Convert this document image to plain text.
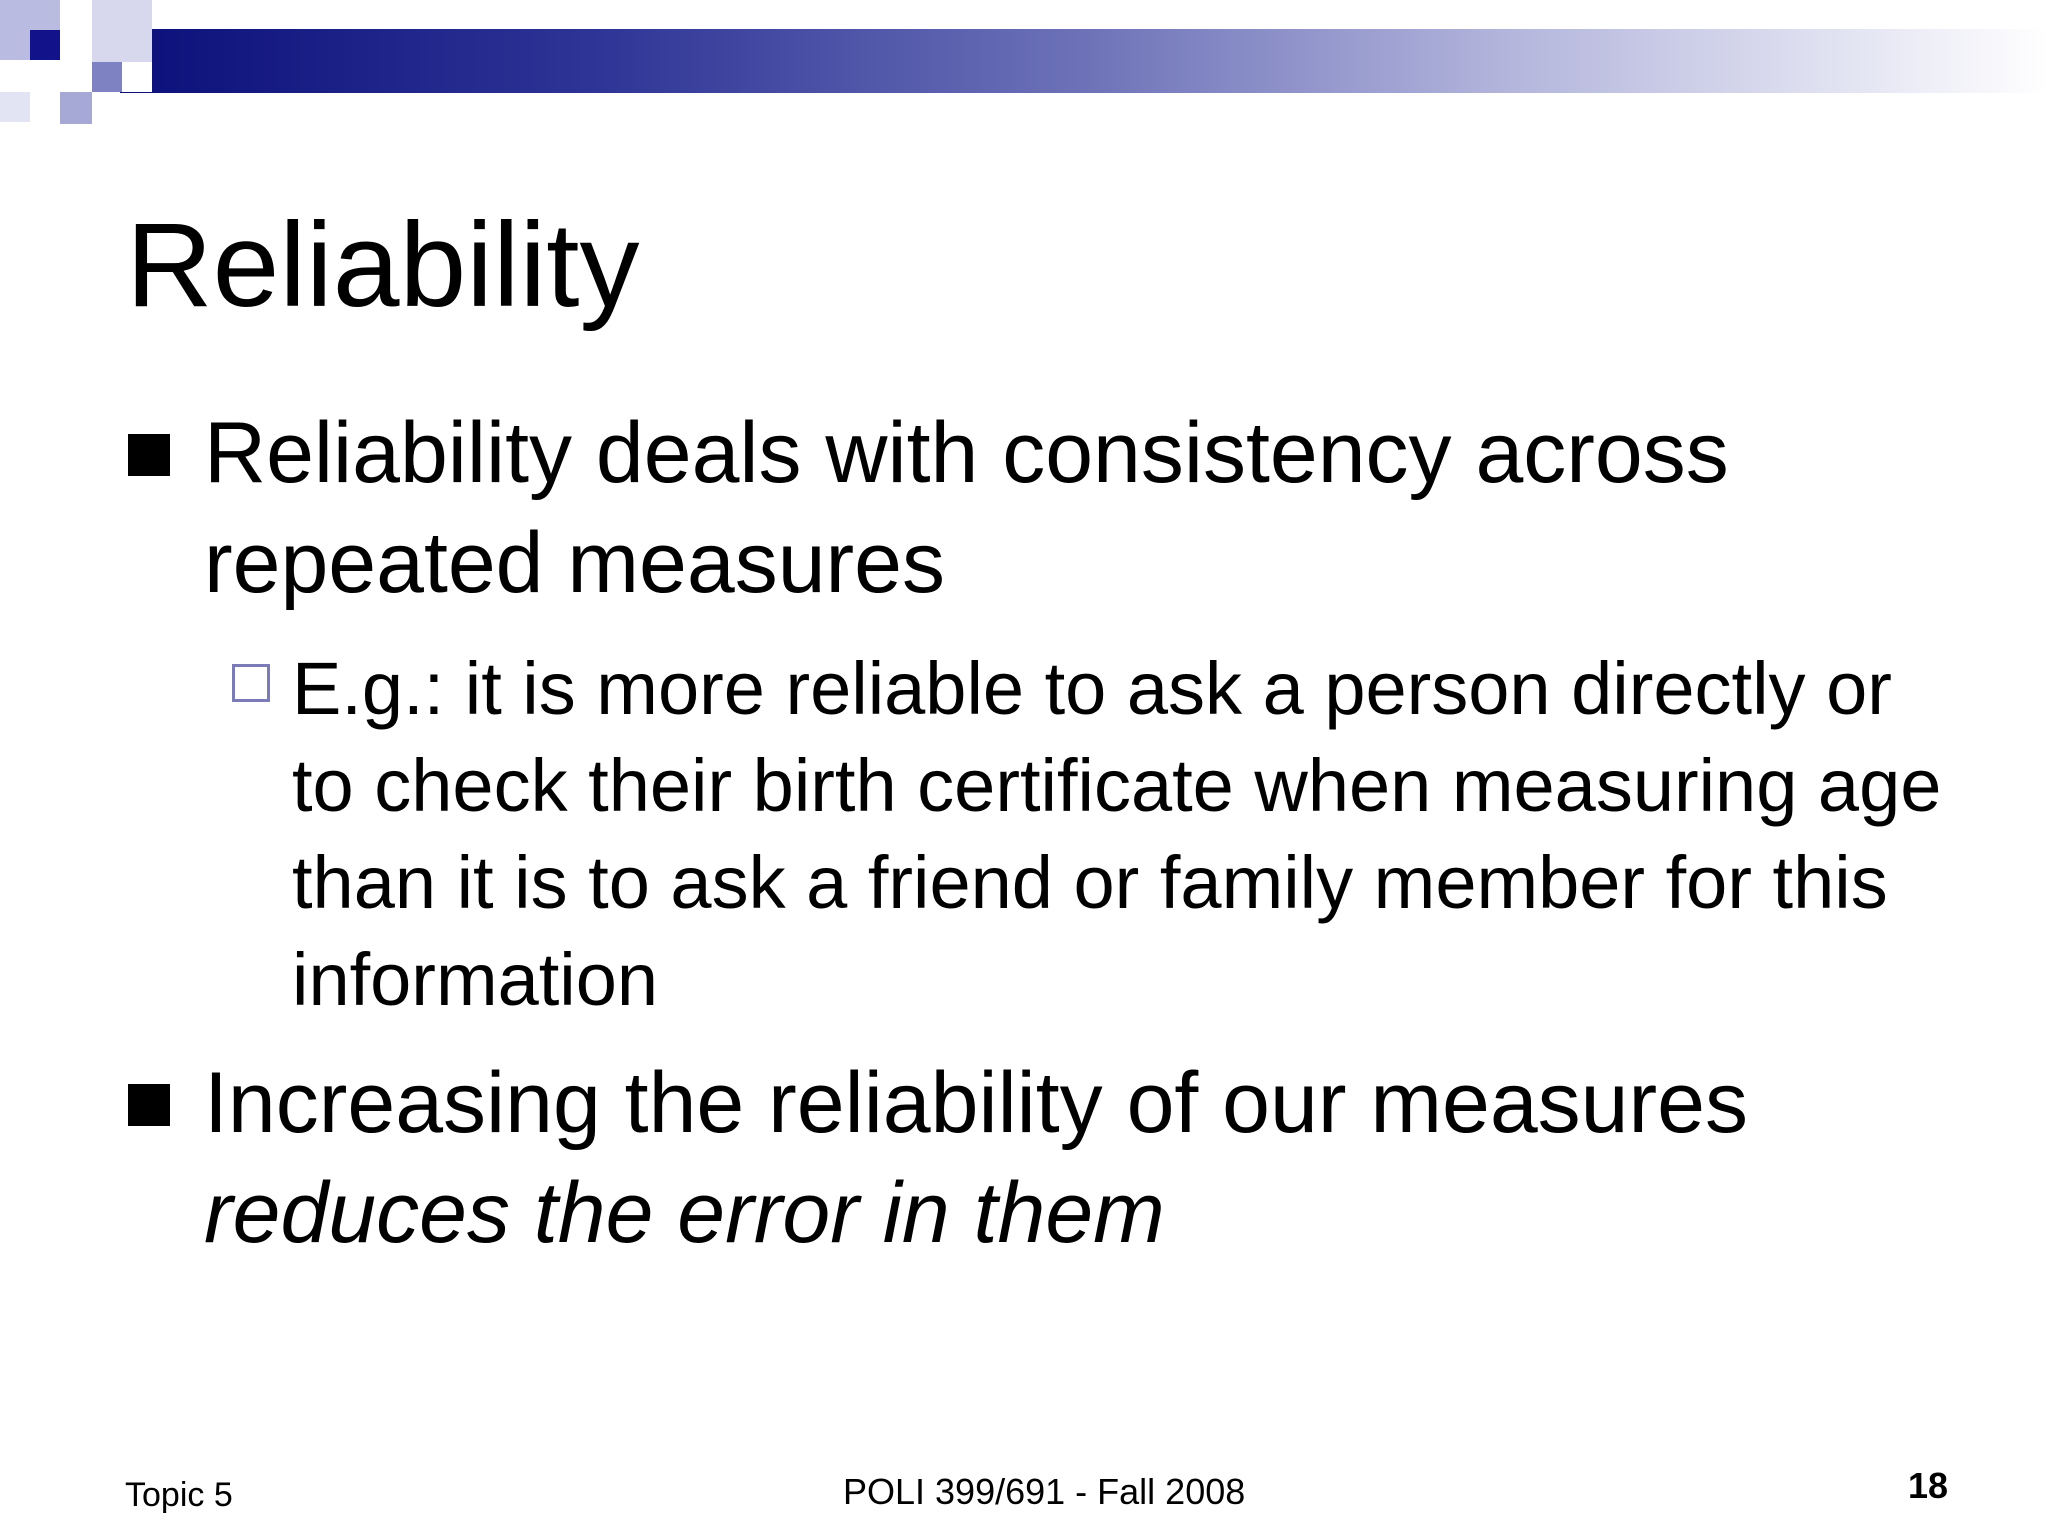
Reliability
Reliability deals with consistency across repeated measures
E.g.: it is more reliable to ask a person directly or to check their birth certificate when measuring age than it is to ask a friend or family member for this information
Increasing the reliability of our measures reduces the error in them
Topic 5	POLI 399/691 - Fall 2008	18
